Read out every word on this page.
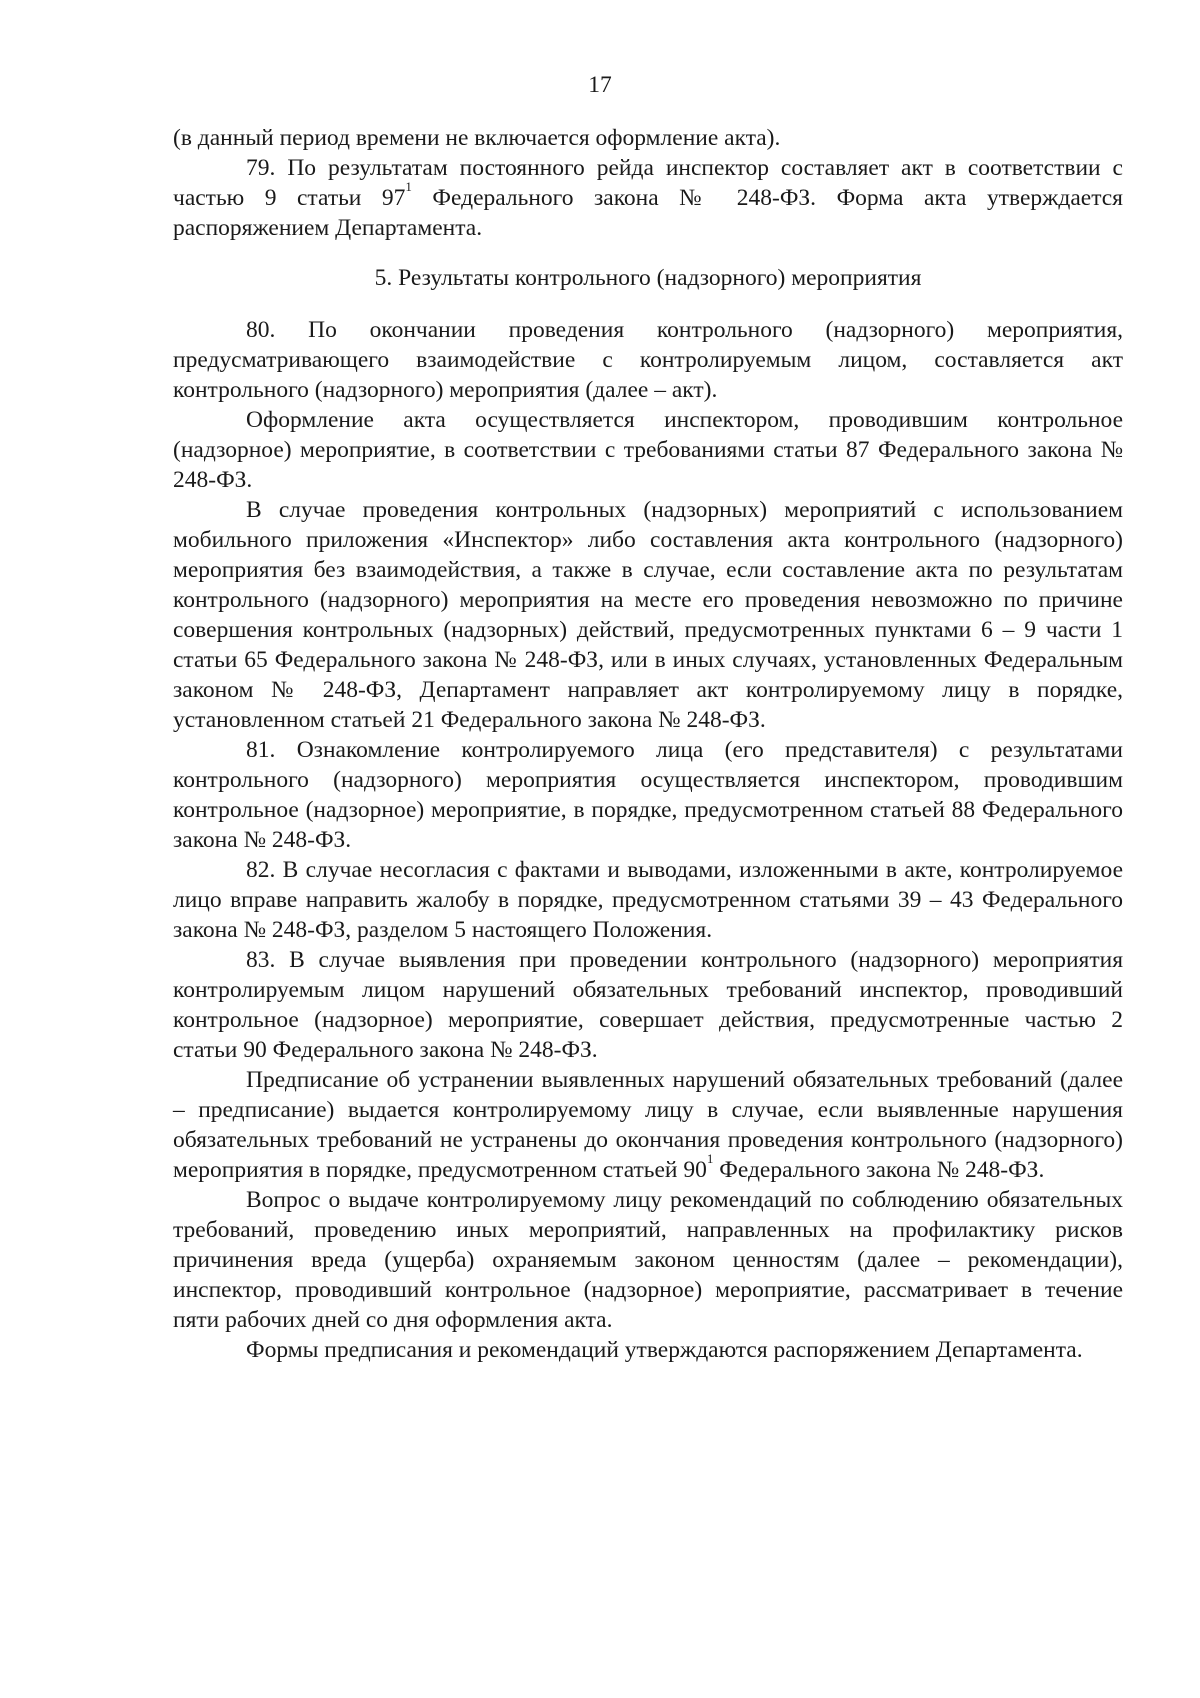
17

(в данный период времени не включается оформление акта).

79. По результатам постоянного рейда инспектор составляет акт в соответствии с частью 9 статьи $97^1$ Федерального закона № 248-ФЗ. Форма акта утверждается распоряжением Департамента.

5. Результаты контрольного (надзорного) мероприятия

80. По окончании проведения контрольного (надзорного) мероприятия, предусматривающего взаимодействие с контролируемым лицом, составляется акт контрольного (надзорного) мероприятия (далее – акт).

Оформление акта осуществляется инспектором, проводившим контрольное (надзорное) мероприятие, в соответствии с требованиями статьи 87 Федерального закона № 248-ФЗ.

В случае проведения контрольных (надзорных) мероприятий с использованием мобильного приложения «Инспектор» либо составления акта контрольного (надзорного) мероприятия без взаимодействия, а также в случае, если составление акта по результатам контрольного (надзорного) мероприятия на месте его проведения невозможно по причине совершения контрольных (надзорных) действий, предусмотренных пунктами 6 – 9 части 1 статьи 65 Федерального закона № 248-ФЗ, или в иных случаях, установленных Федеральным законом № 248-ФЗ, Департамент направляет акт контролируемому лицу в порядке, установленном статьей 21 Федерального закона № 248-ФЗ.

81. Ознакомление контролируемого лица (его представителя) с результатами контрольного (надзорного) мероприятия осуществляется инспектором, проводившим контрольное (надзорное) мероприятие, в порядке, предусмотренном статьей 88 Федерального закона № 248-ФЗ.

82. В случае несогласия с фактами и выводами, изложенными в акте, контролируемое лицо вправе направить жалобу в порядке, предусмотренном статьями 39 – 43 Федерального закона № 248-ФЗ, разделом 5 настоящего Положения.

83. В случае выявления при проведении контрольного (надзорного) мероприятия контролируемым лицом нарушений обязательных требований инспектор, проводивший контрольное (надзорное) мероприятие, совершает действия, предусмотренные частью 2 статьи 90 Федерального закона № 248-ФЗ.

Предписание об устранении выявленных нарушений обязательных требований (далее – предписание) выдается контролируемому лицу в случае, если выявленные нарушения обязательных требований не устранены до окончания проведения контрольного (надзорного) мероприятия в порядке, предусмотренном статьей $90^1$ Федерального закона № 248-ФЗ.

Вопрос о выдаче контролируемому лицу рекомендаций по соблюдению обязательных требований, проведению иных мероприятий, направленных на профилактику рисков причинения вреда (ущерба) охраняемым законом ценностям (далее – рекомендации), инспектор, проводивший контрольное (надзорное) мероприятие, рассматривает в течение пяти рабочих дней со дня оформления акта.

Формы предписания и рекомендаций утверждаются распоряжением Департамента.
